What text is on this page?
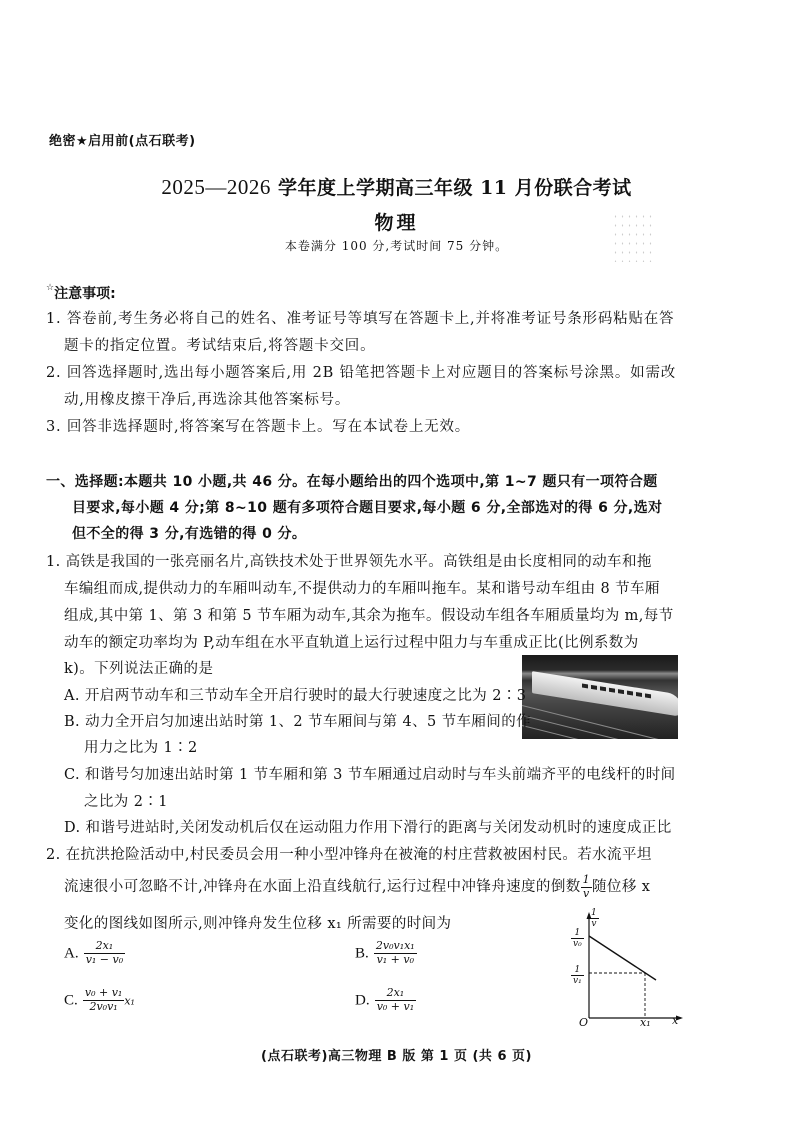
绝密★启用前(点石联考)
2025—2026 学年度上学期高三年级 11 月份联合考试
物理
本卷满分 100 分,考试时间 75 分钟。
☆注意事项:
1. 答卷前,考生务必将自己的姓名、准考证号等填写在答题卡上,并将准考证号条形码粘贴在答
题卡的指定位置。考试结束后,将答题卡交回。
2. 回答选择题时,选出每小题答案后,用 2B 铅笔把答题卡上对应题目的答案标号涂黑。如需改
动,用橡皮擦干净后,再选涂其他答案标号。
3. 回答非选择题时,将答案写在答题卡上。写在本试卷上无效。
一、选择题:本题共 10 小题,共 46 分。在每小题给出的四个选项中,第 1~7 题只有一项符合题
目要求,每小题 4 分;第 8~10 题有多项符合题目要求,每小题 6 分,全部选对的得 6 分,选对
但不全的得 3 分,有选错的得 0 分。
1. 高铁是我国的一张亮丽名片,高铁技术处于世界领先水平。高铁组是由长度相同的动车和拖
车编组而成,提供动力的车厢叫动车,不提供动力的车厢叫拖车。某和谐号动车组由 8 节车厢
组成,其中第 1、第 3 和第 5 节车厢为动车,其余为拖车。假设动车组各车厢质量均为 m,每节
动车的额定功率均为 P,动车组在水平直轨道上运行过程中阻力与车重成正比(比例系数为
k)。下列说法正确的是
A. 开启两节动车和三节动车全开启行驶时的最大行驶速度之比为 2∶3
B. 动力全开启匀加速出站时第 1、2 节车厢间与第 4、5 节车厢间的作
用力之比为 1∶2
C. 和谐号匀加速出站时第 1 节车厢和第 3 节车厢通过启动时与车头前端齐平的电线杆的时间
之比为 2∶1
D. 和谐号进站时,关闭发动机后仅在运动阻力作用下滑行的距离与关闭发动机时的速度成正比
2. 在抗洪抢险活动中,村民委员会用一种小型冲锋舟在被淹的村庄营救被困村民。若水流平坦
流速很小可忽略不计,冲锋舟在水面上沿直线航行,运行过程中冲锋舟速度的倒数 $\frac{1}{v}$ 随位移 x
变化的图线如图所示,则冲锋舟发生位移 x₁ 所需要的时间为
A. $\frac{\text{2x₁}}{\text{v₁ − v₀}}$	B. $\frac{\text{2v₀v₁x₁}}{\text{v₁ + v₀}}$
C. $\frac{\text{v₀ + v₁}}{\text{2v₀v₁}} x_1$	D. $\frac{\text{2x₁}}{\text{v₀ + v₁}}$
$\frac{1}{v}$
$\frac{1}{\text{v₀}}$
$\frac{1}{\text{v₁}}$
O	x₁ x
(点石联考)高三物理 B 版 第 1 页 (共 6 页)
